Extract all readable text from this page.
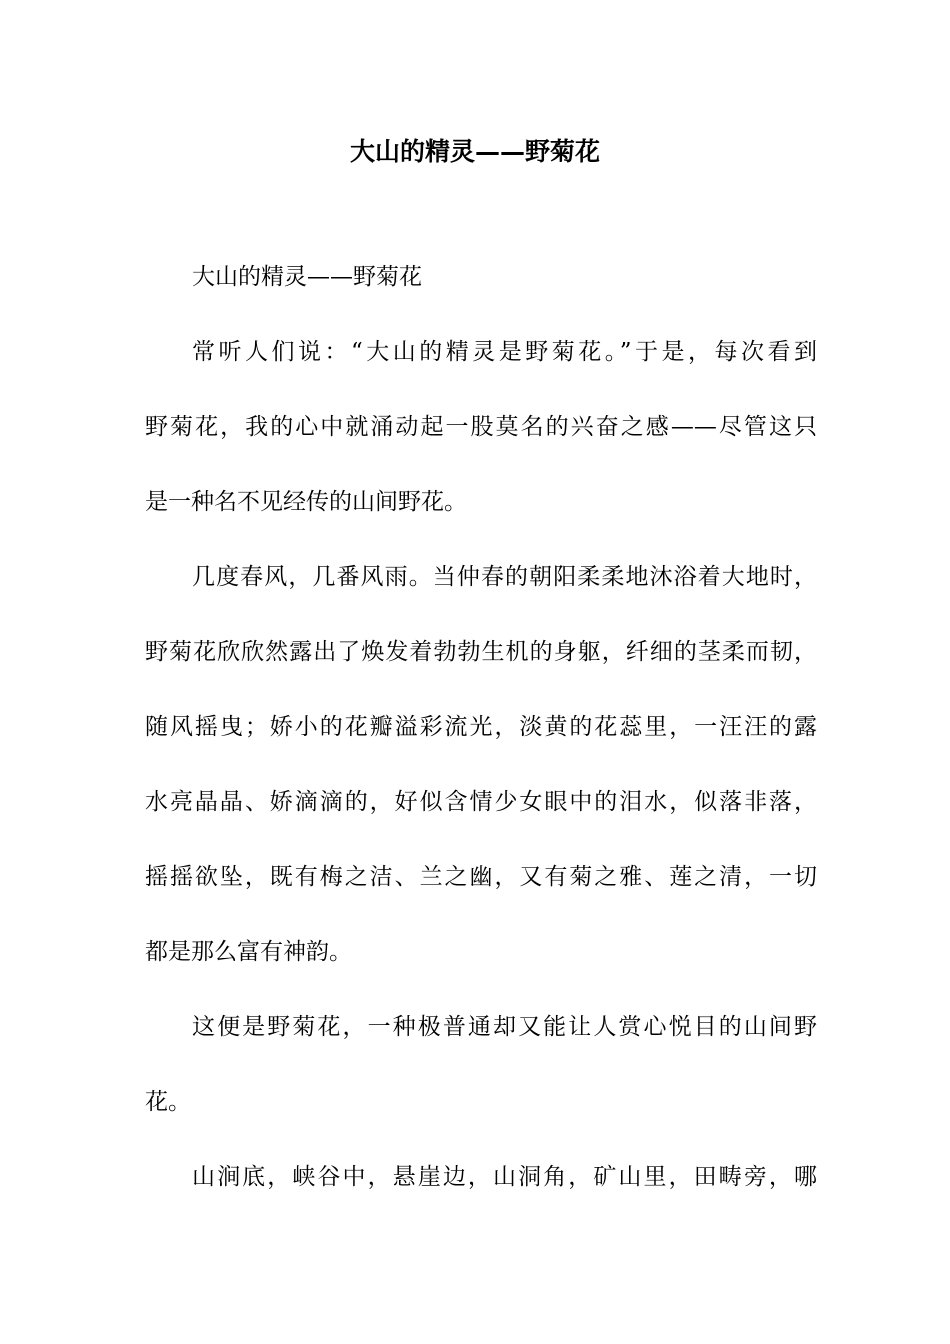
大山的精灵——野菊花
大山的精灵——野菊花
常听人们说：“大山的精灵是野菊花。”于是，每次看到
野菊花，我的心中就涌动起一股莫名的兴奋之感——尽管这只
是一种名不见经传的山间野花。
几度春风，几番风雨。当仲春的朝阳柔柔地沐浴着大地时，
野菊花欣欣然露出了焕发着勃勃生机的身躯，纤细的茎柔而韧，
随风摇曳；娇小的花瓣溢彩流光，淡黄的花蕊里，一汪汪的露
水亮晶晶、娇滴滴的，好似含情少女眼中的泪水，似落非落，
摇摇欲坠，既有梅之洁、兰之幽，又有菊之雅、莲之清，一切
都是那么富有神韵。
这便是野菊花，一种极普通却又能让人赏心悦目的山间野
花。
山涧底，峡谷中，悬崖边，山洞角，矿山里，田畴旁，哪
